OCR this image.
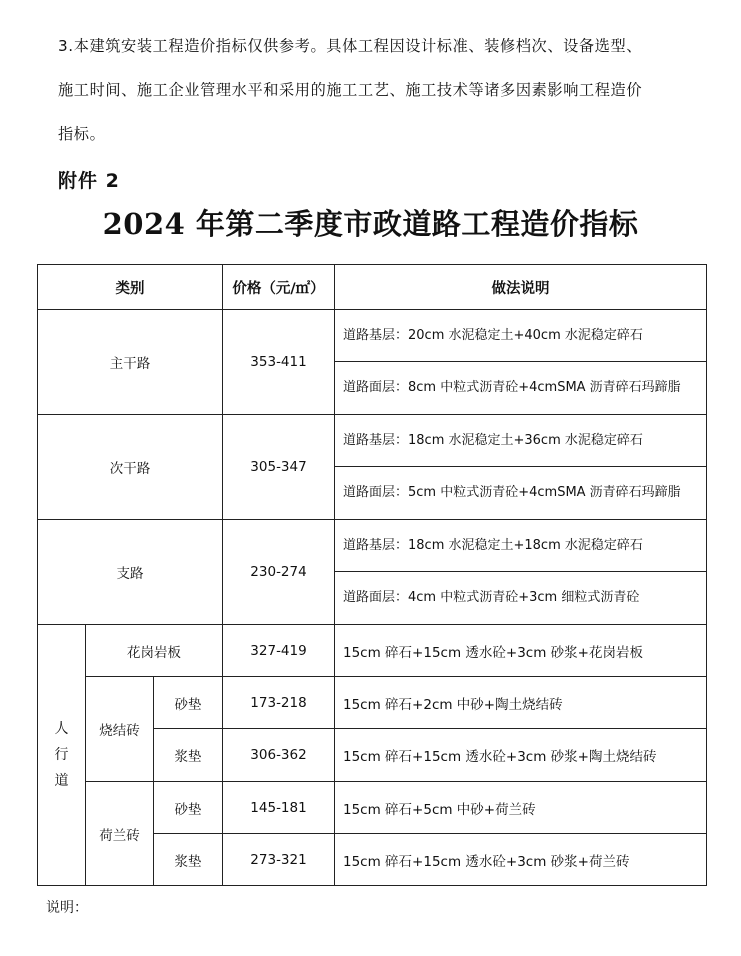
3.本建筑安装工程造价指标仅供参考。具体工程因设计标准、装修档次、设备选型、

施工时间、施工企业管理水平和采用的施工工艺、施工技术等诸多因素影响工程造价

指标。

附件 2

2024 年第二季度市政道路工程造价指标
类别			价格（元/㎡）	做法说明
主干路			353-411	道路基层：20cm 水泥稳定土+40cm 水泥稳定碎石
				道路面层：8cm 中粒式沥青砼+4cmSMA 沥青碎石玛蹄脂
次干路			305-347	道路基层：18cm 水泥稳定土+36cm 水泥稳定碎石
				道路面层：5cm 中粒式沥青砼+4cmSMA 沥青碎石玛蹄脂
支路			230-274	道路基层：18cm 水泥稳定土+18cm 水泥稳定碎石
				道路面层：4cm 中粒式沥青砼+3cm 细粒式沥青砼

人
行
道	花岗岩板		327-419	15cm 碎石+15cm 透水砼+3cm 砂浆+花岗岩板
	烧结砖	砂垫	173-218	15cm 碎石+2cm 中砂+陶土烧结砖
		浆垫	306-362	15cm 碎石+15cm 透水砼+3cm 砂浆+陶土烧结砖
	荷兰砖	砂垫	145-181	15cm 碎石+5cm 中砂+荷兰砖
		浆垫	273-321	15cm 碎石+15cm 透水砼+3cm 砂浆+荷兰砖

说明：
